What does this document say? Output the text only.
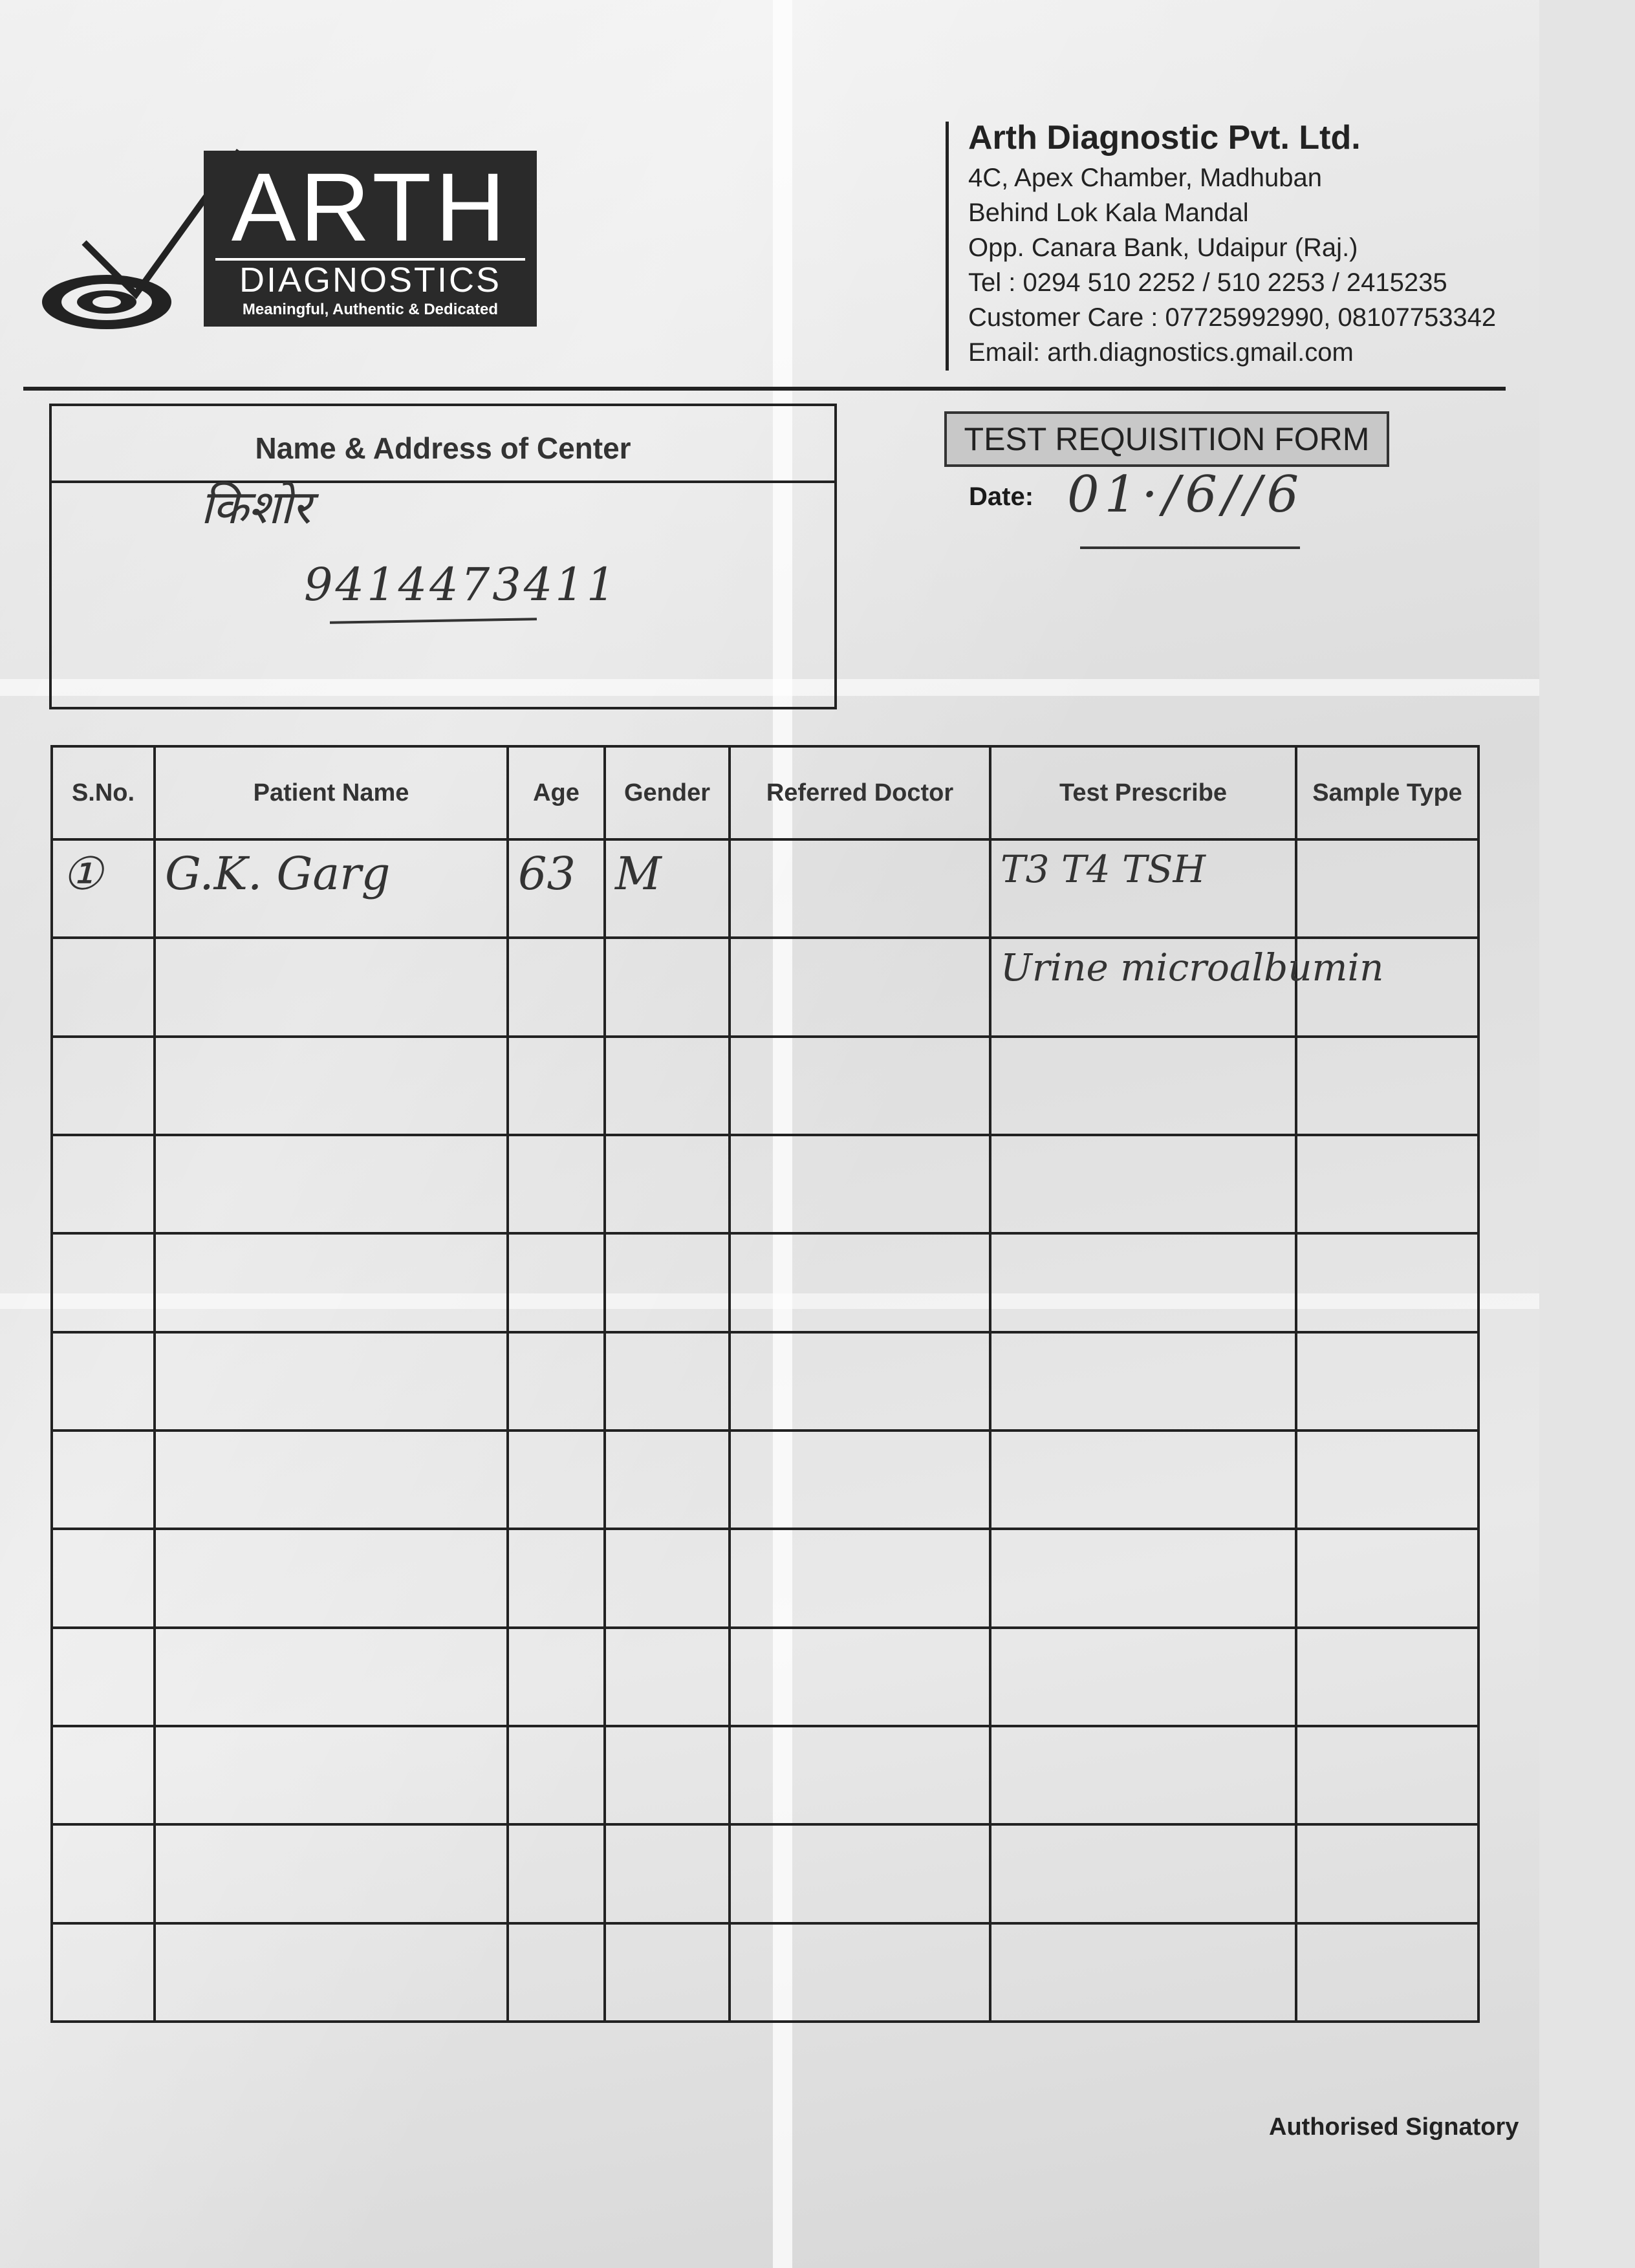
ARTH
DIAGNOSTICS
Meaningful, Authentic & Dedicated
Arth Diagnostic Pvt. Ltd.
4C, Apex Chamber, Madhuban
Behind Lok Kala Mandal
Opp. Canara Bank, Udaipur (Raj.)
Tel : 0294 510 2252 / 510 2253 / 2415235
Customer Care : 07725992990, 08107753342
Email: arth.diagnostics.gmail.com
Name & Address of Center
किशोर
9414473411
TEST REQUISITION FORM
Date: 01·/6//6
S.No.	Patient Name	Age	Gender	Referred Doctor	Test Prescribe	Sample Type

①	G.K. Garg	63	M		T3 T4 TSH	

					Urine microalbumin	

Authorised Signatory
